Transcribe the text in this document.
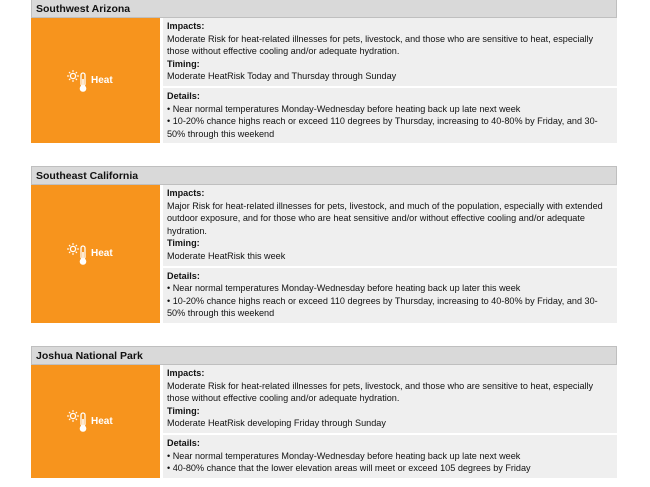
Southwest Arizona
Heat
Impacts:
Moderate Risk for heat-related illnesses for pets, livestock, and those who are sensitive to heat, especially those without effective cooling and/or adequate hydration.
Timing:
Moderate HeatRisk Today and Thursday through Sunday
Details:
• Near normal temperatures Monday-Wednesday before heating back up late next week
• 10-20% chance highs reach or exceed 110 degrees by Thursday, increasing to 40-80% by Friday, and 30-50% through this weekend
Southeast California
Heat
Impacts:
Major Risk for heat-related illnesses for pets, livestock, and much of the population, especially with extended outdoor exposure, and for those who are heat sensitive and/or without effective cooling and/or adequate hydration.
Timing:
Moderate HeatRisk this week
Details:
• Near normal temperatures Monday-Wednesday before heating back up later this week
• 10-20% chance highs reach or exceed 110 degrees by Thursday, increasing to 40-80% by Friday, and 30-50% through this weekend
Joshua National Park
Heat
Impacts:
Moderate Risk for heat-related illnesses for pets, livestock, and those who are sensitive to heat, especially those without effective cooling and/or adequate hydration.
Timing:
Moderate HeatRisk developing Friday through Sunday
Details:
• Near normal temperatures Monday-Wednesday before heating back up late next week
• 40-80% chance that the lower elevation areas will meet or exceed 105 degrees by Friday
